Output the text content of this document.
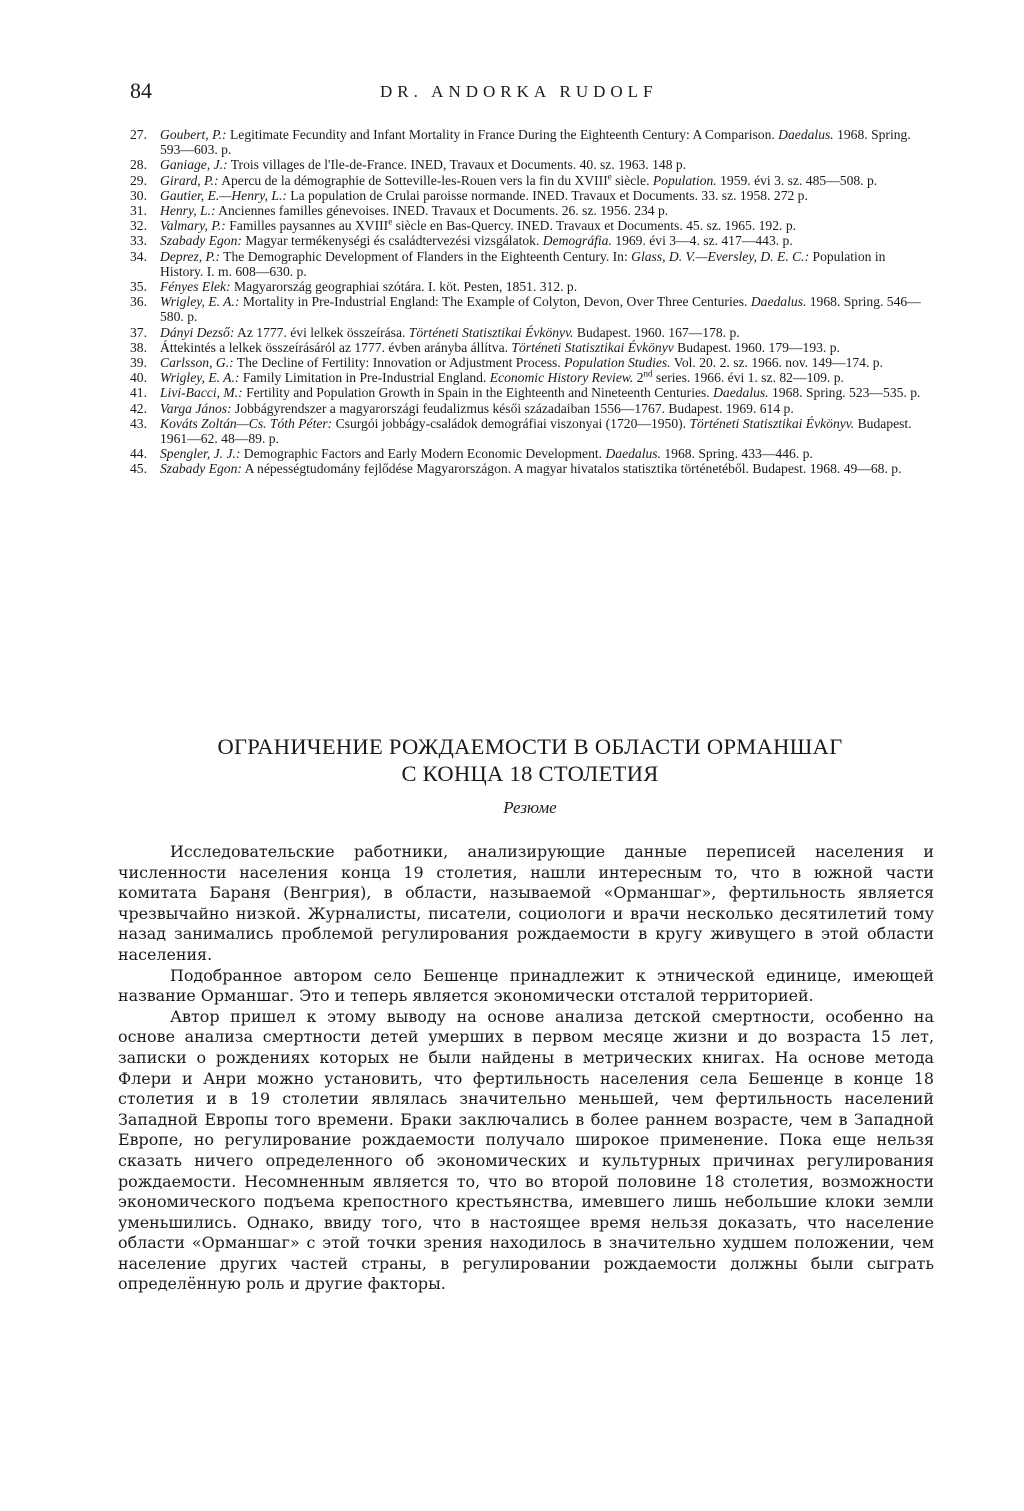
84	DR. ANDORKA RUDOLF
27. Goubert, P.: Legitimate Fecundity and Infant Mortality in France During the Eighteenth Century: A Comparison. Daedalus. 1968. Spring. 593—603. p.
28. Ganiage, J.: Trois villages de l'Ile-de-France. INED, Travaux et Documents. 40. sz. 1963. 148 p.
29. Girard, P.: Apercu de la démographie de Sotteville-les-Rouen vers la fin du XVIIIe siècle. Population. 1959. évi 3. sz. 485—508. p.
30. Gautier, E.—Henry, L.: La population de Crulai paroisse normande. INED. Travaux et Documents. 33. sz. 1958. 272 p.
31. Henry, L.: Anciennes familles génevoises. INED. Travaux et Documents. 26. sz. 1956. 234 p.
32. Valmary, P.: Familles paysannes au XVIIIe siècle en Bas-Quercy. INED. Travaux et Documents. 45. sz. 1965. 192. p.
33. Szabady Egon: Magyar termékenységi és családtervezési vizsgálatok. Demográfia. 1969. évi 3—4. sz. 417—443. p.
34. Deprez, P.: The Demographic Development of Flanders in the Eighteenth Century. In: Glass, D. V.—Eversley, D. E. C.: Population in History. I. m. 608—630. p.
35. Fényes Elek: Magyarország geographiai szótára. I. köt. Pesten, 1851. 312. p.
36. Wrigley, E. A.: Mortality in Pre-Industrial England: The Example of Colyton, Devon, Over Three Centuries. Daedalus. 1968. Spring. 546—580. p.
37. Dányi Dezső: Az 1777. évi lelkek összeírása. Történeti Statisztikai Évkönyv. Budapest. 1960. 167—178. p.
38. Áttekintés a lelkek összeírásáról az 1777. évben arányba állítva. Történeti Statisztikai Évkönyv Budapest. 1960. 179—193. p.
39. Carlsson, G.: The Decline of Fertility: Innovation or Adjustment Process. Population Studies. Vol. 20. 2. sz. 1966. nov. 149—174. p.
40. Wrigley, E. A.: Family Limitation in Pre-Industrial England. Economic History Review. 2nd series. 1966. évi 1. sz. 82—109. p.
41. Livi-Bacci, M.: Fertility and Population Growth in Spain in the Eighteenth and Nineteenth Centuries. Daedalus. 1968. Spring. 523—535. p.
42. Varga János: Jobbágyrendszer a magyarországi feudalizmus késői századaiban 1556—1767. Budapest. 1969. 614 p.
43. Kováts Zoltán—Cs. Tóth Péter: Csurgói jobbágy-családok demográfiai viszonyai (1720—1950). Történeti Statisztikai Évkönyv. Budapest. 1961—62. 48—89. p.
44. Spengler, J. J.: Demographic Factors and Early Modern Economic Development. Daedalus. 1968. Spring. 433—446. p.
45. Szabady Egon: A népességtudomány fejlődése Magyarországon. A magyar hivatalos statisztika történetéből. Budapest. 1968. 49—68. p.
ОГРАНИЧЕНИЕ РОЖДАЕМОСТИ В ОБЛАСТИ ОРМАНШАГ
С КОНЦА 18 СТОЛЕТИЯ
Резюме

Исследовательские работники, анализирующие данные переписей населения и численности населения конца 19 столетия, нашли интересным то, что в южной части комитата Бараня (Венгрия), в области, называемой «Орманшаг», фертильность является чрезвычайно низкой. Журналисты, писатели, социологи и врачи несколько десятилетий тому назад занимались проблемой регулирования рождаемости в кругу живущего в этой области населения.

Подобранное автором село Бешенце принадлежит к этнической единице, имеющей название Орманшаг. Это и теперь является экономически отсталой территорией.

Автор пришел к этому выводу на основе анализа детской смертности, особенно на основе анализа смертности детей умерших в первом месяце жизни и до возраста 15 лет, записки о рождениях которых не были найдены в метрических книгах. На основе метода Флери и Анри можно установить, что фертильность населения села Бешенце в конце 18 столетия и в 19 столетии являлась значительно меньшей, чем фертильность населений Западной Европы того времени. Браки заключались в более раннем возрасте, чем в Западной Европе, но регулирование рождаемости получало широкое применение. Пока еще нельзя сказать ничего определенного об экономических и культурных причинах регулирования рождаемости. Несомненным является то, что во второй половине 18 столетия, возможности экономического подъема крепостного крестьянства, имевшего лишь небольшие клоки земли уменьшились. Однако, ввиду того, что в настоящее время нельзя доказать, что население области «Орманшаг» с этой точки зрения находилось в значительно худшем положении, чем население других частей страны, в регулировании рождаемости должны были сыграть определённую роль и другие факторы.
